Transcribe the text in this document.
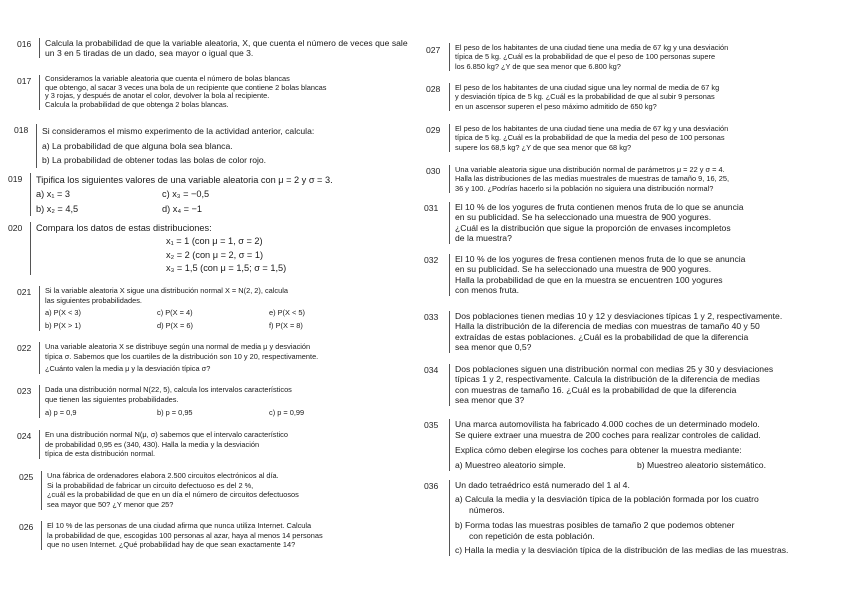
016 Calcula la probabilidad de que la variable aleatoria, X, que cuenta el número de veces que sale un 3 en 5 tiradas de un dado, sea mayor o igual que 3.

017 Consideramos la variable aleatoria que cuenta el número de bolas blancas

que obtengo, al sacar 3 veces una bola de un recipiente que contiene 2 bolas blancas

y 3 rojas, y después de anotar el color, devolver la bola al recipiente.

Calcula la probabilidad de que obtenga 2 bolas blancas.

018 Si consideramos el mismo experimento de la actividad anterior, calcula:

a) La probabilidad de que alguna bola sea blanca.

b) La probabilidad de obtener todas las bolas de color rojo.

019 Tipifica los siguientes valores de una variable aleatoria con μ = 2 y σ = 3.

a) x₁ = 3	c) x₃ = −0,5
b) x₂ = 4,5	d) x₄ = −1
020 Compara los datos de estas distribuciones:

x₁ = 1 (con μ = 1, σ = 2)

x₂ = 2 (con μ = 2, σ = 1)

x₃ = 1,5 (con μ = 1,5; σ = 1,5)

021 Si la variable aleatoria X sigue una distribución normal X = N(2, 2), calcula

las siguientes probabilidades.

a) P(X < 3)	c) P(X = 4)	e) P(X < 5)
b) P(X > 1)	d) P(X = 6)	f) P(X = 8)
022 Una variable aleatoria X se distribuye según una normal de media μ y desviación

típica σ. Sabemos que los cuartiles de la distribución son 10 y 20, respectivamente.

¿Cuánto valen la media μ y la desviación típica σ?

023 Dada una distribución normal N(22, 5), calcula los intervalos característicos

que tienen las siguientes probabilidades.

a) p = 0,9	b) p = 0,95	c) p = 0,99
024 En una distribución normal N(μ, σ) sabemos que el intervalo característico

de probabilidad 0,95 es (340, 430). Halla la media y la desviación

típica de esta distribución normal.

025 Una fábrica de ordenadores elabora 2.500 circuitos electrónicos al día.

Si la probabilidad de fabricar un circuito defectuoso es del 2 %,

¿cuál es la probabilidad de que en un día el número de circuitos defectuosos

sea mayor que 50? ¿Y menor que 25?

026 El 10 % de las personas de una ciudad afirma que nunca utiliza Internet. Calcula

la probabilidad de que, escogidas 100 personas al azar, haya al menos 14 personas

que no usen Internet. ¿Qué probabilidad hay de que sean exactamente 14?

027 El peso de los habitantes de una ciudad tiene una media de 67 kg y una desviación

típica de 5 kg. ¿Cuál es la probabilidad de que el peso de 100 personas supere

los 6.850 kg? ¿Y de que sea menor que 6.800 kg?

028 El peso de los habitantes de una ciudad sigue una ley normal de media de 67 kg

y desviación típica de 5 kg. ¿Cuál es la probabilidad de que al subir 9 personas

en un ascensor superen el peso máximo admitido de 650 kg?

029 El peso de los habitantes de una ciudad tiene una media de 67 kg y una desviación

típica de 5 kg. ¿Cuál es la probabilidad de que la media del peso de 100 personas

supere los 68,5 kg? ¿Y de que sea menor que 68 kg?

030 Una variable aleatoria sigue una distribución normal de parámetros μ = 22 y σ = 4.

Halla las distribuciones de las medias muestrales de muestras de tamaño 9, 16, 25,

36 y 100. ¿Podrías hacerlo si la población no siguiera una distribución normal?

031 El 10 % de los yogures de fruta contienen menos fruta de lo que se anuncia

en su publicidad. Se ha seleccionado una muestra de 900 yogures.

¿Cuál es la distribución que sigue la proporción de envases incompletos

de la muestra?

032 El 10 % de los yogures de fresa contienen menos fruta de lo que se anuncia

en su publicidad. Se ha seleccionado una muestra de 900 yogures.

Halla la probabilidad de que en la muestra se encuentren 100 yogures

con menos fruta.

033 Dos poblaciones tienen medias 10 y 12 y desviaciones típicas 1 y 2, respectivamente.

Halla la distribución de la diferencia de medias con muestras de tamaño 40 y 50

extraídas de estas poblaciones. ¿Cuál es la probabilidad de que la diferencia

sea menor que 0,5?

034 Dos poblaciones siguen una distribución normal con medias 25 y 30 y desviaciones

típicas 1 y 2, respectivamente. Calcula la distribución de la diferencia de medias

con muestras de tamaño 16. ¿Cuál es la probabilidad de que la diferencia

sea menor que 3?

035 Una marca automovilista ha fabricado 4.000 coches de un determinado modelo.

Se quiere extraer una muestra de 200 coches para realizar controles de calidad.

Explica cómo deben elegirse los coches para obtener la muestra mediante:

a) Muestreo aleatorio simple.	b) Muestreo aleatorio sistemático.
036 Un dado tetraédrico está numerado del 1 al 4.

a) Calcula la media y la desviación típica de la población formada por los cuatro

números.

b) Forma todas las muestras posibles de tamaño 2 que podemos obtener

con repetición de esta población.

c) Halla la media y la desviación típica de la distribución de las medias de las muestras.
